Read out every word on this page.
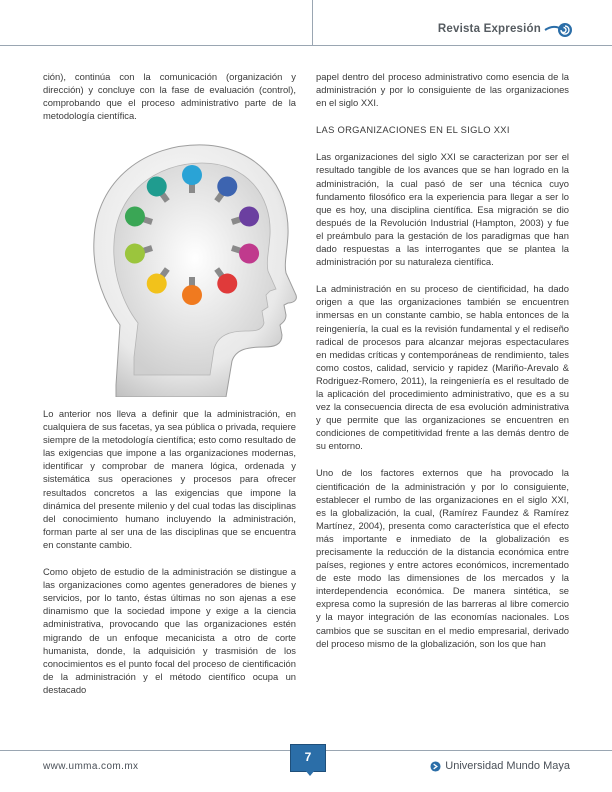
Revista Expresión

ción), continúa con la comunicación (organización y dirección) y concluye con la fase de evaluación (control), comprobando que el proceso administrativo parte de la metodología científica.

Lo anterior nos lleva a definir que la administración, en cualquiera de sus facetas, ya sea pública o privada, requiere siempre de la metodología científica; esto como resultado de las exigencias que impone a las organizaciones modernas, identificar y comprobar de manera lógica, ordenada y sistemática sus operaciones y procesos para ofrecer resultados concretos a las exigencias que impone la dinámica del presente milenio y del cual todas las disciplinas del conocimiento humano incluyendo la administración, forman parte al ser una de las disciplinas que se encuentra en constante cambio.

Como objeto de estudio de la administración se distingue a las organizaciones como agentes generadores de bienes y servicios, por lo tanto, éstas últimas no son ajenas a ese dinamismo que la sociedad impone y exige a la ciencia administrativa, provocando que las organizaciones estén migrando de un enfoque mecanicista a otro de corte humanista, donde, la adquisición y trasmisión de los conocimientos es el punto focal del proceso de cientificación de la administración y el método científico ocupa un destacado

papel dentro del proceso administrativo como esencia de la administración y por lo consiguiente de las organizaciones en el siglo XXI.

LAS ORGANIZACIONES EN EL SIGLO XXI

Las organizaciones del siglo XXI se caracterizan por ser el resultado tangible de los avances que se han logrado en la administración, la cual pasó de ser una técnica cuyo fundamento filosófico era la experiencia para llegar a ser lo que es hoy, una disciplina científica. Esa migración se dio después de la Revolución Industrial (Hampton, 2003) y fue el preámbulo para la gestación de los paradigmas que han dado respuestas a las interrogantes que se plantea la administración por su naturaleza científica.

La administración en su proceso de cientificidad, ha dado origen a que las organizaciones también se encuentren inmersas en un constante cambio, se habla entonces de la reingeniería, la cual es la revisión fundamental y el rediseño radical de procesos para alcanzar mejoras espectaculares en medidas críticas y contemporáneas de rendimiento, tales como costos, calidad, servicio y rapidez (Mariño-Arevalo & Rodriguez-Romero, 2011), la reingeniería es el resultado de la aplicación del procedimiento administrativo, que es a su vez la consecuencia directa de esa evolución administrativa y que permite que las organizaciones se encuentren en condiciones de competitividad frente a las demás dentro de su entorno.

Uno de los factores externos que ha provocado la cientificación de la administración y por lo consiguiente, establecer el rumbo de las organizaciones en el siglo XXI, es la globalización, la cual, (Ramírez Faundez & Ramírez Martínez, 2004), presenta como característica que el efecto más importante e inmediato de la globalización es precisamente la reducción de la distancia económica entre países, regiones y entre actores económicos, incrementado de este modo las dimensiones de los mercados y la interdependencia económica. De manera sintética, se expresa como la supresión de las barreras al libre comercio y la mayor integración de las economías nacionales. Los cambios que se suscitan en el medio empresarial, derivado del proceso mismo de la globalización, son los que han

www.umma.com.mx
7
Universidad Mundo Maya
